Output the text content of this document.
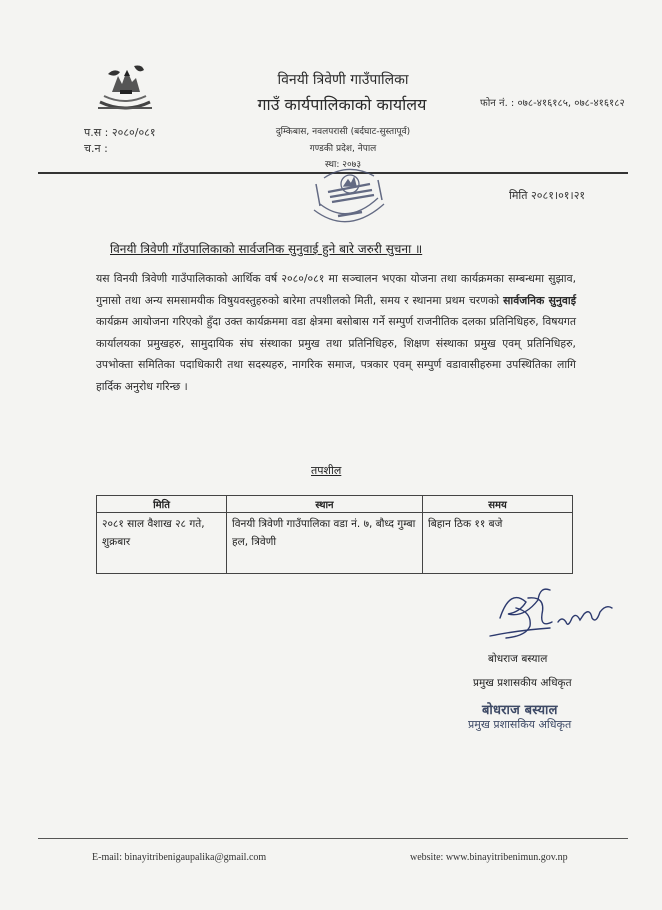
विनयी त्रिवेणी गाउँपालिका
गाउँ कार्यपालिकाको कार्यालय
दुम्किबास, नवलपरासी (बर्दघाट-सुस्तापूर्व)
गण्डकी प्रदेश, नेपाल
स्था: २०७३
फोन नं. : ०७८-४१६१८५, ०७८-४१६१८२
प.स : २०८०/०८१
च.न :
मिति २०८१।०१।२१
विनयी त्रिवेणी गाँउपालिकाको सार्वजनिक सुनुवाई हुने बारे जरुरी सुचना ॥
यस विनयी त्रिवेणी गाउँपालिकाको आर्थिक वर्ष २०८०/०८१ मा सञ्चालन भएका योजना तथा कार्यक्रमका सम्बन्धमा सुझाव, गुनासो तथा अन्य समसामयीक विषुयवस्तुहरुको बारेमा तपशीलको मिती, समय र स्थानमा प्रथम चरणको सार्वजनिक सुनुवाई कार्यक्रम आयोजना गरिएको हुँदा उक्त कार्यक्रममा वडा क्षेत्रमा बसोबास गर्ने सम्पुर्ण राजनीतिक दलका प्रतिनिधिहरु, विषयगत कार्यालयका प्रमुखहरु, सामुदायिक संघ संस्थाका प्रमुख तथा प्रतिनिधिहरु, शिक्षण संस्थाका प्रमुख एवम् प्रतिनिधिहरु, उपभोक्ता समितिका पदाधिकारी तथा सदस्यहरु, नागरिक समाज, पत्रकार एवम् सम्पुर्ण वडावासीहरुमा उपस्थितिका लागि हार्दिक अनुरोध गरिन्छ ।
तपशील
मिति	स्थान	समय
२०८१ साल वैशाख २८ गते, शुक्रबार	विनयी त्रिवेणी गाउँपालिका वडा नं. ७, बौध्द गुम्बा हल, त्रिवेणी	बिहान ठिक ११ बजे
बोधराज बस्याल
प्रमुख प्रशासकीय अधिकृत
बोधराज बस्याल
प्रमुख प्रशासकिय अधिकृत
E-mail: binayitribenigaupalika@gmail.com	website: www.binayitribenimun.gov.np
